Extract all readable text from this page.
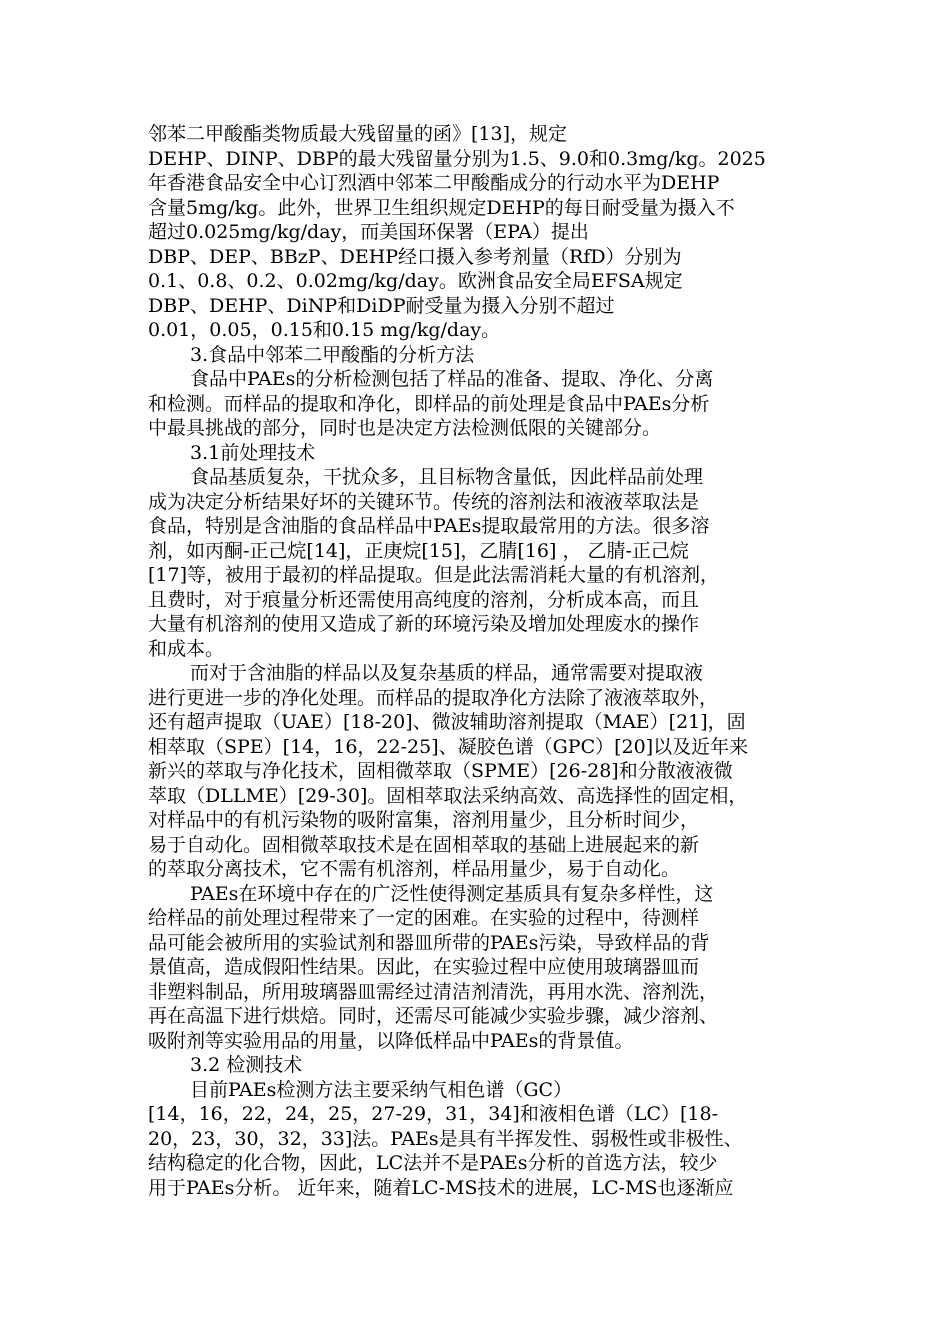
邻苯二甲酸酯类物质最大残留量的函》[13]，规定
DEHP、DINP、DBP的最大残留量分别为1.5、9.0和0.3mg/kg。2025
年香港食品安全中心订烈酒中邻苯二甲酸酯成分的行动水平为DEHP
含量5mg/kg。此外，世界卫生组织规定DEHP的每日耐受量为摄入不
超过0.025mg/kg/day，而美国环保署（EPA）提出
DBP、DEP、BBzP、DEHP经口摄入参考剂量（RfD）分别为
0.1、0.8、0.2、0.02mg/kg/day。欧洲食品安全局EFSA规定
DBP、DEHP、DiNP和DiDP耐受量为摄入分别不超过
0.01，0.05，0.15和0.15 mg/kg/day。
3.食品中邻苯二甲酸酯的分析方法
食品中PAEs的分析检测包括了样品的准备、提取、净化、分离
和检测。而样品的提取和净化，即样品的前处理是食品中PAEs分析
中最具挑战的部分，同时也是决定方法检测低限的关键部分。
3.1前处理技术
食品基质复杂，干扰众多，且目标物含量低，因此样品前处理
成为决定分析结果好坏的关键环节。传统的溶剂法和液液萃取法是
食品，特别是含油脂的食品样品中PAEs提取最常用的方法。很多溶
剂，如丙酮-正己烷[14]，正庚烷[15]，乙腈[16] ， 乙腈-正己烷
[17]等，被用于最初的样品提取。但是此法需消耗大量的有机溶剂，
且费时，对于痕量分析还需使用高纯度的溶剂，分析成本高，而且
大量有机溶剂的使用又造成了新的环境污染及增加处理废水的操作
和成本。
而对于含油脂的样品以及复杂基质的样品，通常需要对提取液
进行更进一步的净化处理。而样品的提取净化方法除了液液萃取外，
还有超声提取（UAE）[18-20]、微波辅助溶剂提取（MAE）[21]，固
相萃取（SPE）[14，16，22-25]、凝胶色谱（GPC）[20]以及近年来
新兴的萃取与净化技术，固相微萃取（SPME）[26-28]和分散液液微
萃取（DLLME）[29-30]。固相萃取法采纳高效、高选择性的固定相，
对样品中的有机污染物的吸附富集，溶剂用量少，且分析时间少，
易于自动化。固相微萃取技术是在固相萃取的基础上进展起来的新
的萃取分离技术，它不需有机溶剂，样品用量少，易于自动化。
PAEs在环境中存在的广泛性使得测定基质具有复杂多样性，这
给样品的前处理过程带来了一定的困难。在实验的过程中，待测样
品可能会被所用的实验试剂和器皿所带的PAEs污染，导致样品的背
景值高，造成假阳性结果。因此，在实验过程中应使用玻璃器皿而
非塑料制品，所用玻璃器皿需经过清洁剂清洗，再用水洗、溶剂洗，
再在高温下进行烘焙。同时，还需尽可能减少实验步骤，减少溶剂、
吸附剂等实验用品的用量，以降低样品中PAEs的背景值。
3.2 检测技术
目前PAEs检测方法主要采纳气相色谱（GC）
[14，16，22，24，25，27-29，31，34]和液相色谱（LC）[18-
20，23，30，32，33]法。PAEs是具有半挥发性、弱极性或非极性、
结构稳定的化合物，因此，LC法并不是PAEs分析的首选方法，较少
用于PAEs分析。 近年来，随着LC-MS技术的进展，LC-MS也逐渐应
